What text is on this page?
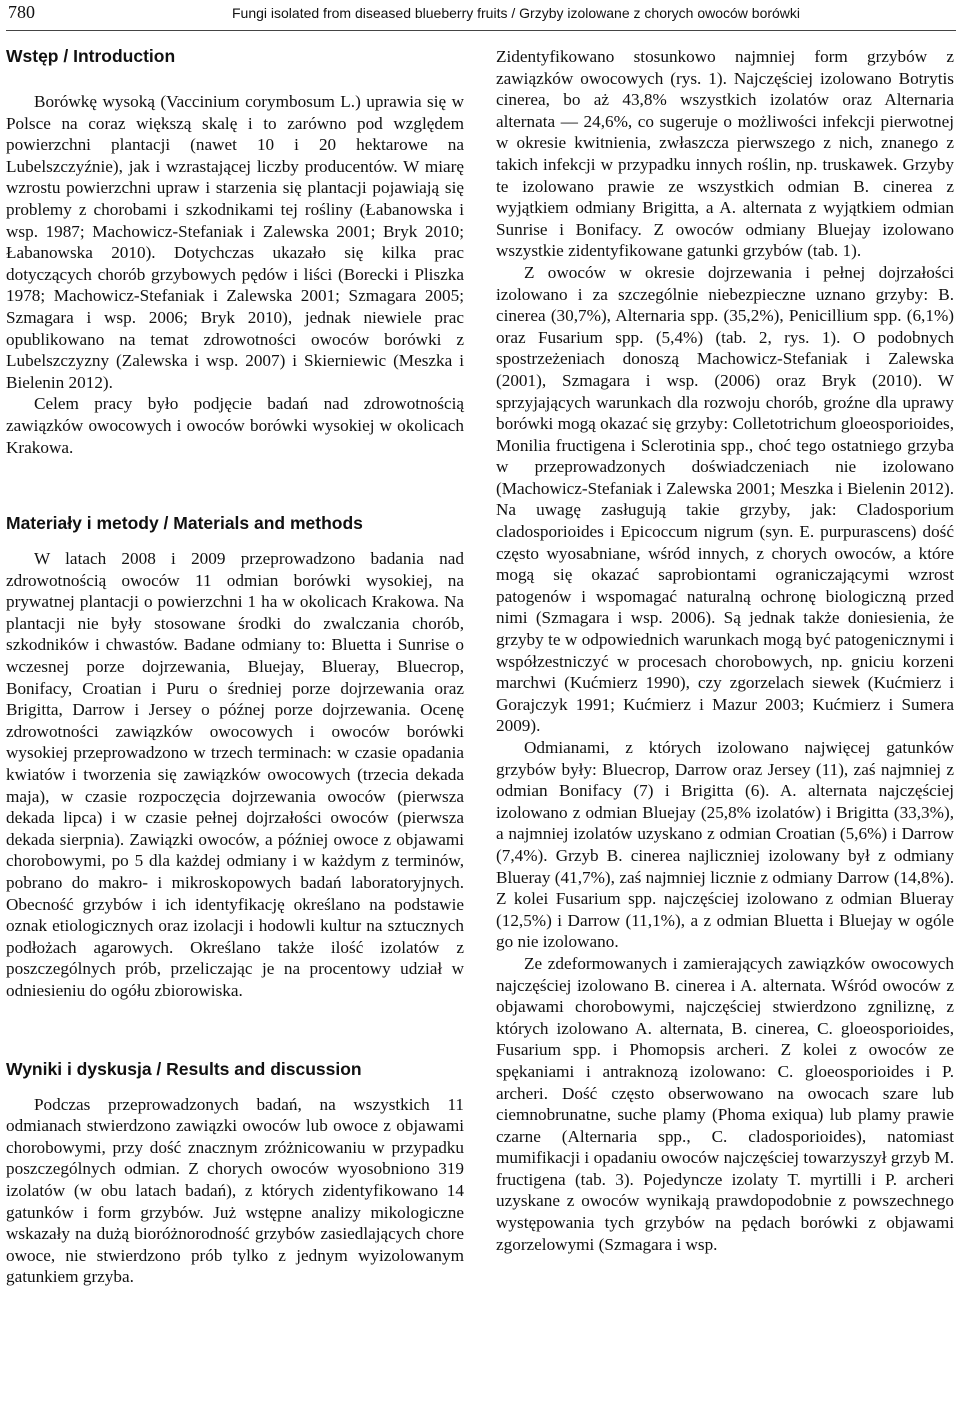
780	Fungi isolated from diseased blueberry fruits / Grzyby izolowane z chorych owoców borówki
Wstęp / Introduction

Borówkę wysoką (Vaccinium corymbosum L.) uprawia się w Polsce na coraz większą skalę i to zarówno pod względem powierzchni plantacji (nawet 10 i 20 hektarowe na Lubelszczyźnie), jak i wzrastającej liczby producentów. W miarę wzrostu powierzchni upraw i starzenia się plantacji pojawiają się problemy z chorobami i szkodnikami tej rośliny (Łabanowska i wsp. 1987; Machowicz-Stefaniak i Zalewska 2001; Bryk 2010; Łabanowska 2010). Dotychczas ukazało się kilka prac dotyczących chorób grzybowych pędów i liści (Borecki i Pliszka 1978; Machowicz-Stefaniak i Zalewska 2001; Szmagara 2005; Szmagara i wsp. 2006; Bryk 2010), jednak niewiele prac opublikowano na temat zdrowotności owoców borówki z Lubelszczyzny (Zalewska i wsp. 2007) i Skierniewic (Meszka i Bielenin 2012).

Celem pracy było podjęcie badań nad zdrowotnością zawiązków owocowych i owoców borówki wysokiej w okolicach Krakowa.

Materiały i metody / Materials and methods

W latach 2008 i 2009 przeprowadzono badania nad zdrowotnością owoców 11 odmian borówki wysokiej, na prywatnej plantacji o powierzchni 1 ha w okolicach Krakowa. Na plantacji nie były stosowane środki do zwalczania chorób, szkodników i chwastów. Badane odmiany to: Bluetta i Sunrise o wczesnej porze dojrzewania, Bluejay, Blueray, Bluecrop, Bonifacy, Croatian i Puru o średniej porze dojrzewania oraz Brigitta, Darrow i Jersey o późnej porze dojrzewania. Ocenę zdrowotności zawiązków owocowych i owoców borówki wysokiej przeprowadzono w trzech terminach: w czasie opadania kwiatów i tworzenia się zawiązków owocowych (trzecia dekada maja), w czasie rozpoczęcia dojrzewania owoców (pierwsza dekada lipca) i w czasie pełnej dojrzałości owoców (pierwsza dekada sierpnia). Zawiązki owoców, a później owoce z objawami chorobowymi, po 5 dla każdej odmiany i w każdym z terminów, pobrano do makro- i mikroskopowych badań laboratoryjnych. Obecność grzybów i ich identyfikację określano na podstawie oznak etiologicznych oraz izolacji i hodowli kultur na sztucznych podłożach agarowych. Określano także ilość izolatów z poszczególnych prób, przeliczając je na procentowy udział w odniesieniu do ogółu zbiorowiska.

Wyniki i dyskusja / Results and discussion

Podczas przeprowadzonych badań, na wszystkich 11 odmianach stwierdzono zawiązki owoców lub owoce z objawami chorobowymi, przy dość znacznym zróżnicowaniu w przypadku poszczególnych odmian. Z chorych owoców wyosobniono 319 izolatów (w obu latach badań), z których zidentyfikowano 14 gatunków i form grzybów. Już wstępne analizy mikologiczne wskazały na dużą bioróżnorodność grzybów zasiedlających chore owoce, nie stwierdzono prób tylko z jednym wyizolowanym gatunkiem grzyba.

Zidentyfikowano stosunkowo najmniej form grzybów z zawiązków owocowych (rys. 1). Najczęściej izolowano Botrytis cinerea, bo aż 43,8% wszystkich izolatów oraz Alternaria alternata — 24,6%, co sugeruje o możliwości infekcji pierwotnej w okresie kwitnienia, zwłaszcza pierwszego z nich, znanego z takich infekcji w przypadku innych roślin, np. truskawek. Grzyby te izolowano prawie ze wszystkich odmian B. cinerea z wyjątkiem odmiany Brigitta, a A. alternata z wyjątkiem odmian Sunrise i Bonifacy. Z owoców odmiany Bluejay izolowano wszystkie zidentyfikowane gatunki grzybów (tab. 1).

Z owoców w okresie dojrzewania i pełnej dojrzałości izolowano i za szczególnie niebezpieczne uznano grzyby: B. cinerea (30,7%), Alternaria spp. (35,2%), Penicillium spp. (6,1%) oraz Fusarium spp. (5,4%) (tab. 2, rys. 1). O podobnych spostrzeżeniach donoszą Machowicz-Stefaniak i Zalewska (2001), Szmagara i wsp. (2006) oraz Bryk (2010). W sprzyjających warunkach dla rozwoju chorób, groźne dla uprawy borówki mogą okazać się grzyby: Colletotrichum gloeosporioides, Monilia fructigena i Sclerotinia spp., choć tego ostatniego grzyba w przeprowadzonych doświadczeniach nie izolowano (Machowicz-Stefaniak i Zalewska 2001; Meszka i Bielenin 2012). Na uwagę zasługują takie grzyby, jak: Cladosporium cladosporioides i Epicoccum nigrum (syn. E. purpurascens) dość często wyosabniane, wśród innych, z chorych owoców, a które mogą się okazać saprobiontami ograniczającymi wzrost patogenów i wspomagać naturalną ochronę biologiczną przed nimi (Szmagara i wsp. 2006). Są jednak także doniesienia, że grzyby te w odpowiednich warunkach mogą być patogenicznymi i współzestniczyć w procesach chorobowych, np. gniciu korzeni marchwi (Kućmierz 1990), czy zgorzelach siewek (Kućmierz i Gorajczyk 1991; Kućmierz i Mazur 2003; Kućmierz i Sumera 2009).

Odmianami, z których izolowano najwięcej gatunków grzybów były: Bluecrop, Darrow oraz Jersey (11), zaś najmniej z odmian Bonifacy (7) i Brigitta (6). A. alternata najczęściej izolowano z odmian Bluejay (25,8% izolatów) i Brigitta (33,3%), a najmniej izolatów uzyskano z odmian Croatian (5,6%) i Darrow (7,4%). Grzyb B. cinerea najliczniej izolowany był z odmiany Blueray (41,7%), zaś najmniej licznie z odmiany Darrow (14,8%). Z kolei Fusarium spp. najczęściej izolowano z odmian Blueray (12,5%) i Darrow (11,1%), a z odmian Bluetta i Bluejay w ogóle go nie izolowano.

Ze zdeformowanych i zamierających zawiązków owocowych najczęściej izolowano B. cinerea i A. alternata. Wśród owoców z objawami chorobowymi, najczęściej stwierdzono zgniliznę, z których izolowano A. alternata, B. cinerea, C. gloeosporioides, Fusarium spp. i Phomopsis archeri. Z kolei z owoców ze spękaniami i antraknozą izolowano: C. gloeosporioides i P. archeri. Dość często obserwowano na owocach szare lub ciemnobrunatne, suche plamy (Phoma exiqua) lub plamy prawie czarne (Alternaria spp., C. cladosporioides), natomiast mumifikacji i opadaniu owoców najczęściej towarzyszył grzyb M. fructigena (tab. 3). Pojedyncze izolaty T. myrtilli i P. archeri uzyskane z owoców wynikają prawdopodobnie z powszechnego występowania tych grzybów na pędach borówki z objawami zgorzelowymi (Szmagara i wsp.
